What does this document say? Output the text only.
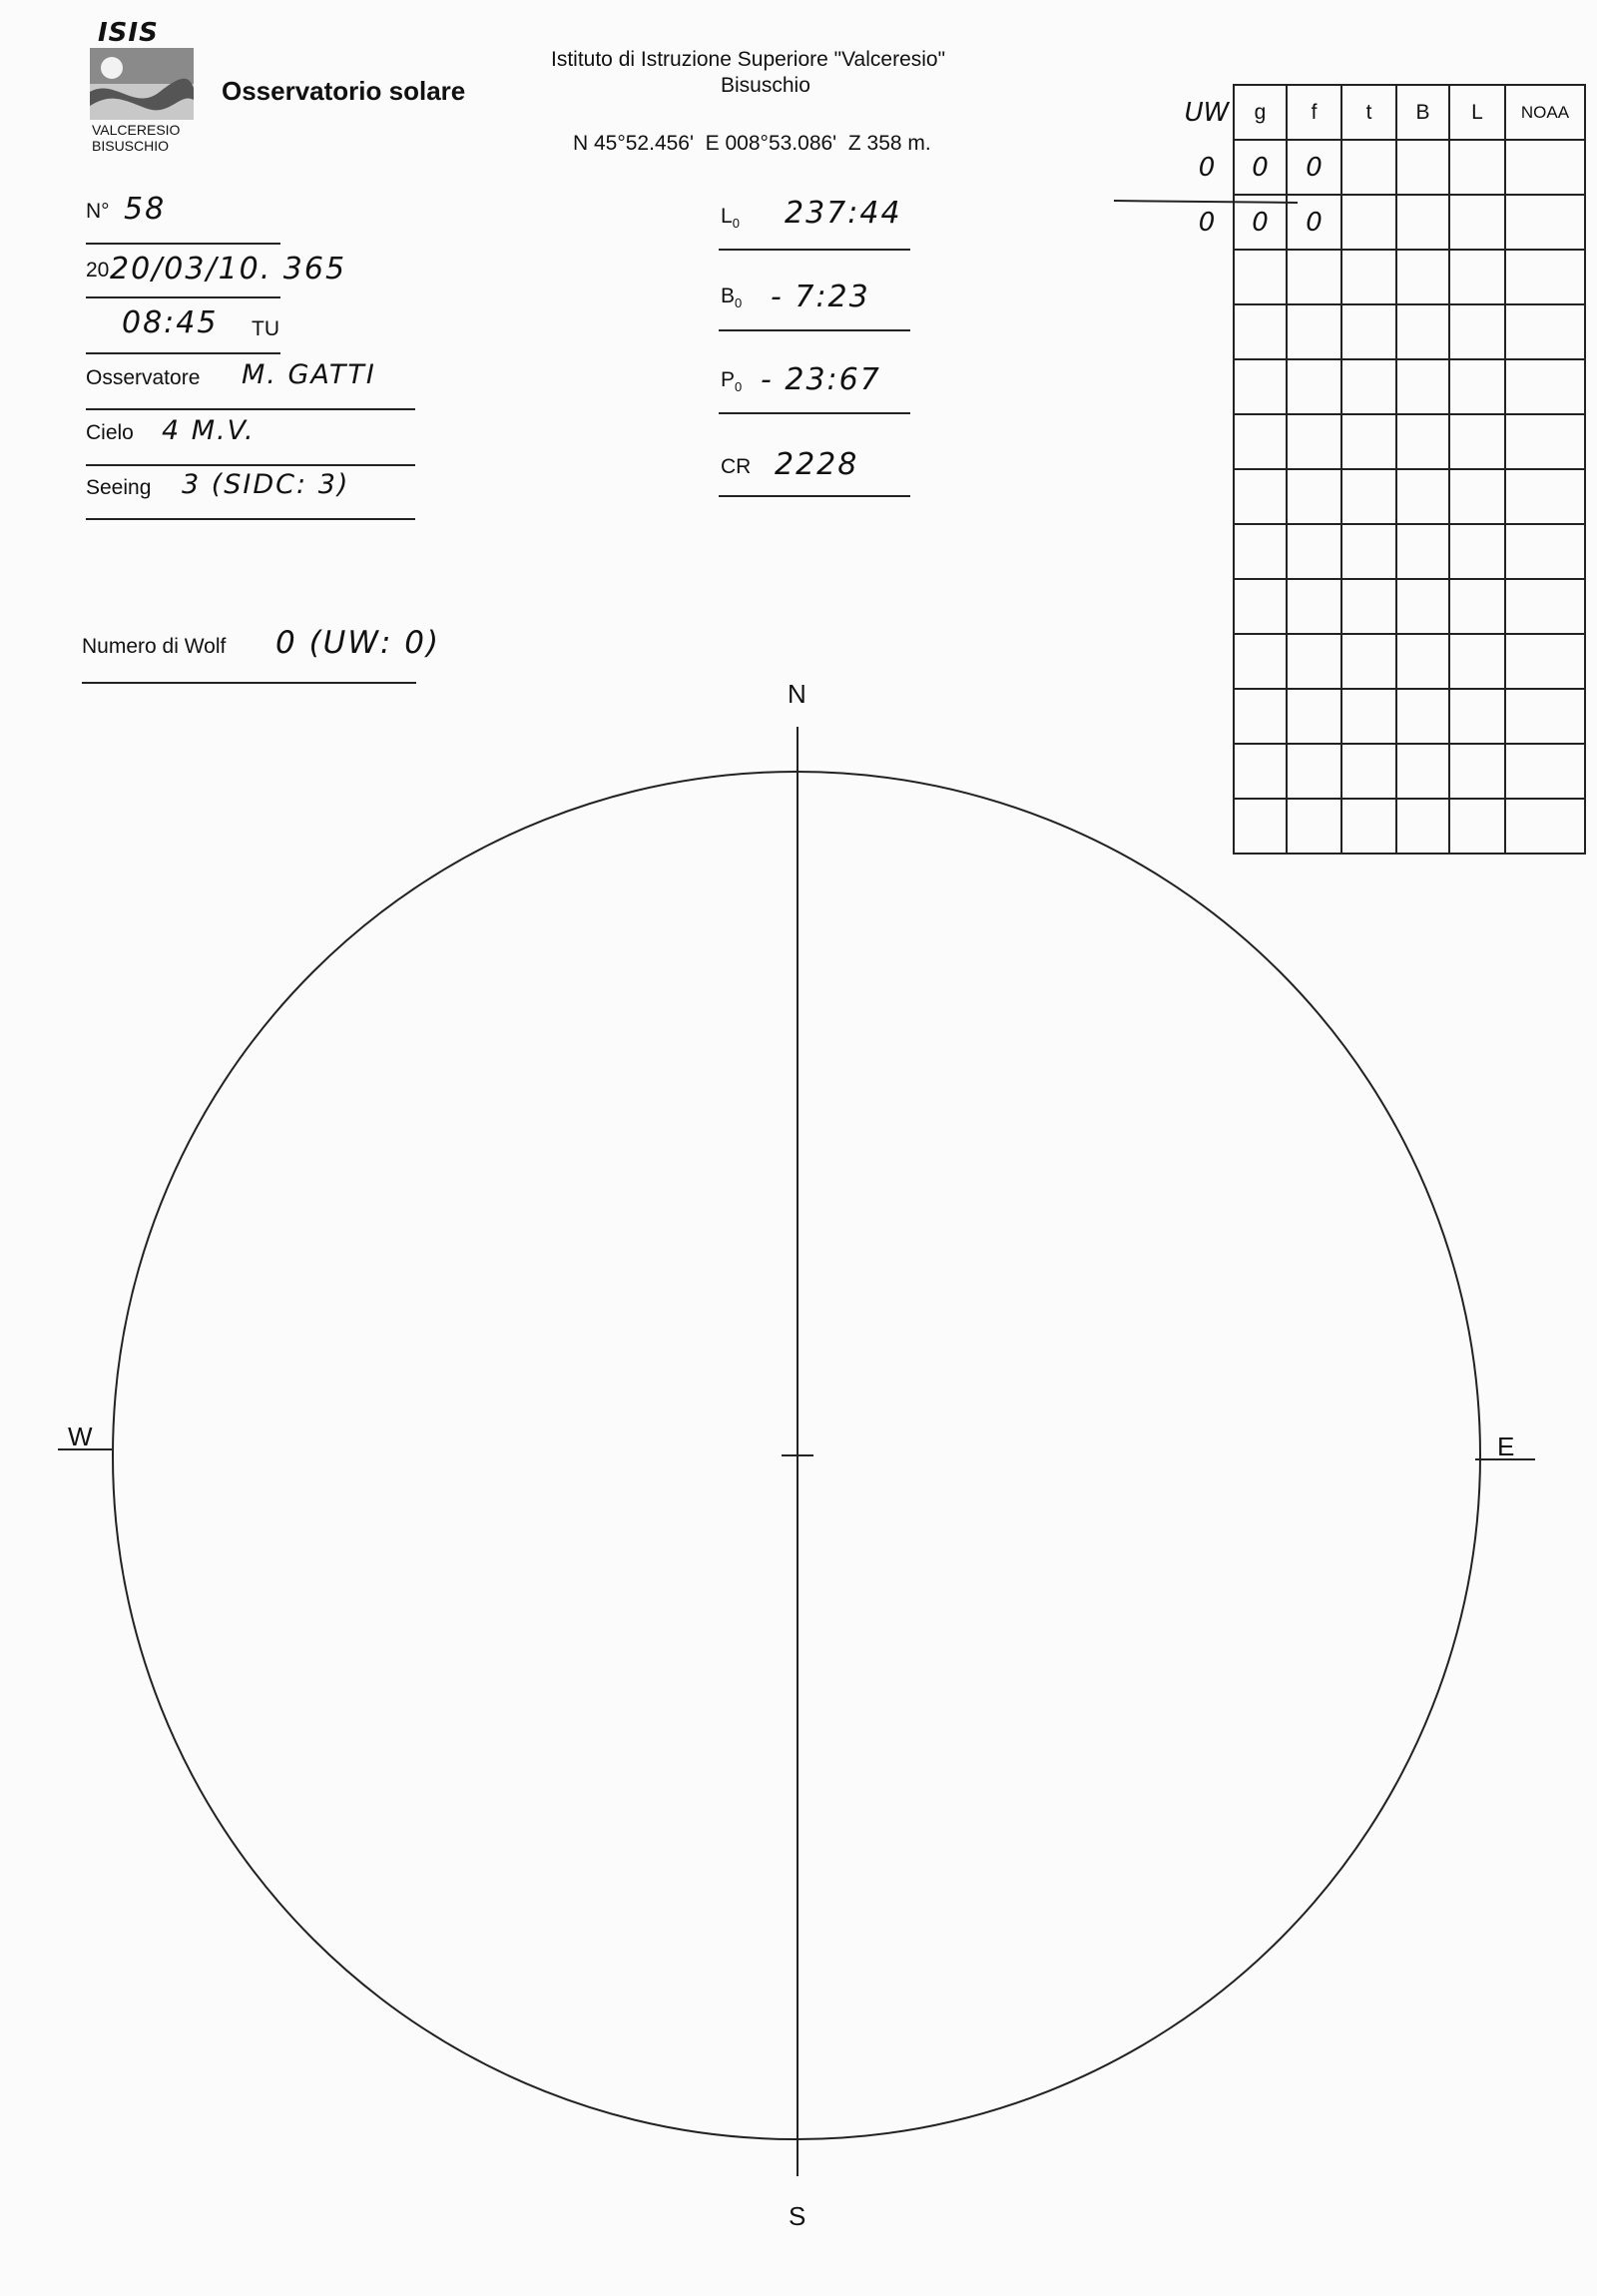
ISIS
VALCERESIO
BISUSCHIO
Osservatorio solare
Istituto di Istruzione Superiore "Valceresio"
Bisuschio
N 45°52.456'  E 008°53.086'  Z 358 m.
N° 58
20 20/03/10. 365
08:45 TU
Osservatore M. GATTI
Cielo 4 M.V.
Seeing 3 (SIDC: 3)
Numero di Wolf 0 (UW: 0)
$L_0$ 237:44
$B_0$ - 7:23
$P_0$ - 23:67
CR 2228
UW	g	f	t	B	L	NOAA
0	0	0				
0	0	0				

N
S
W	E
